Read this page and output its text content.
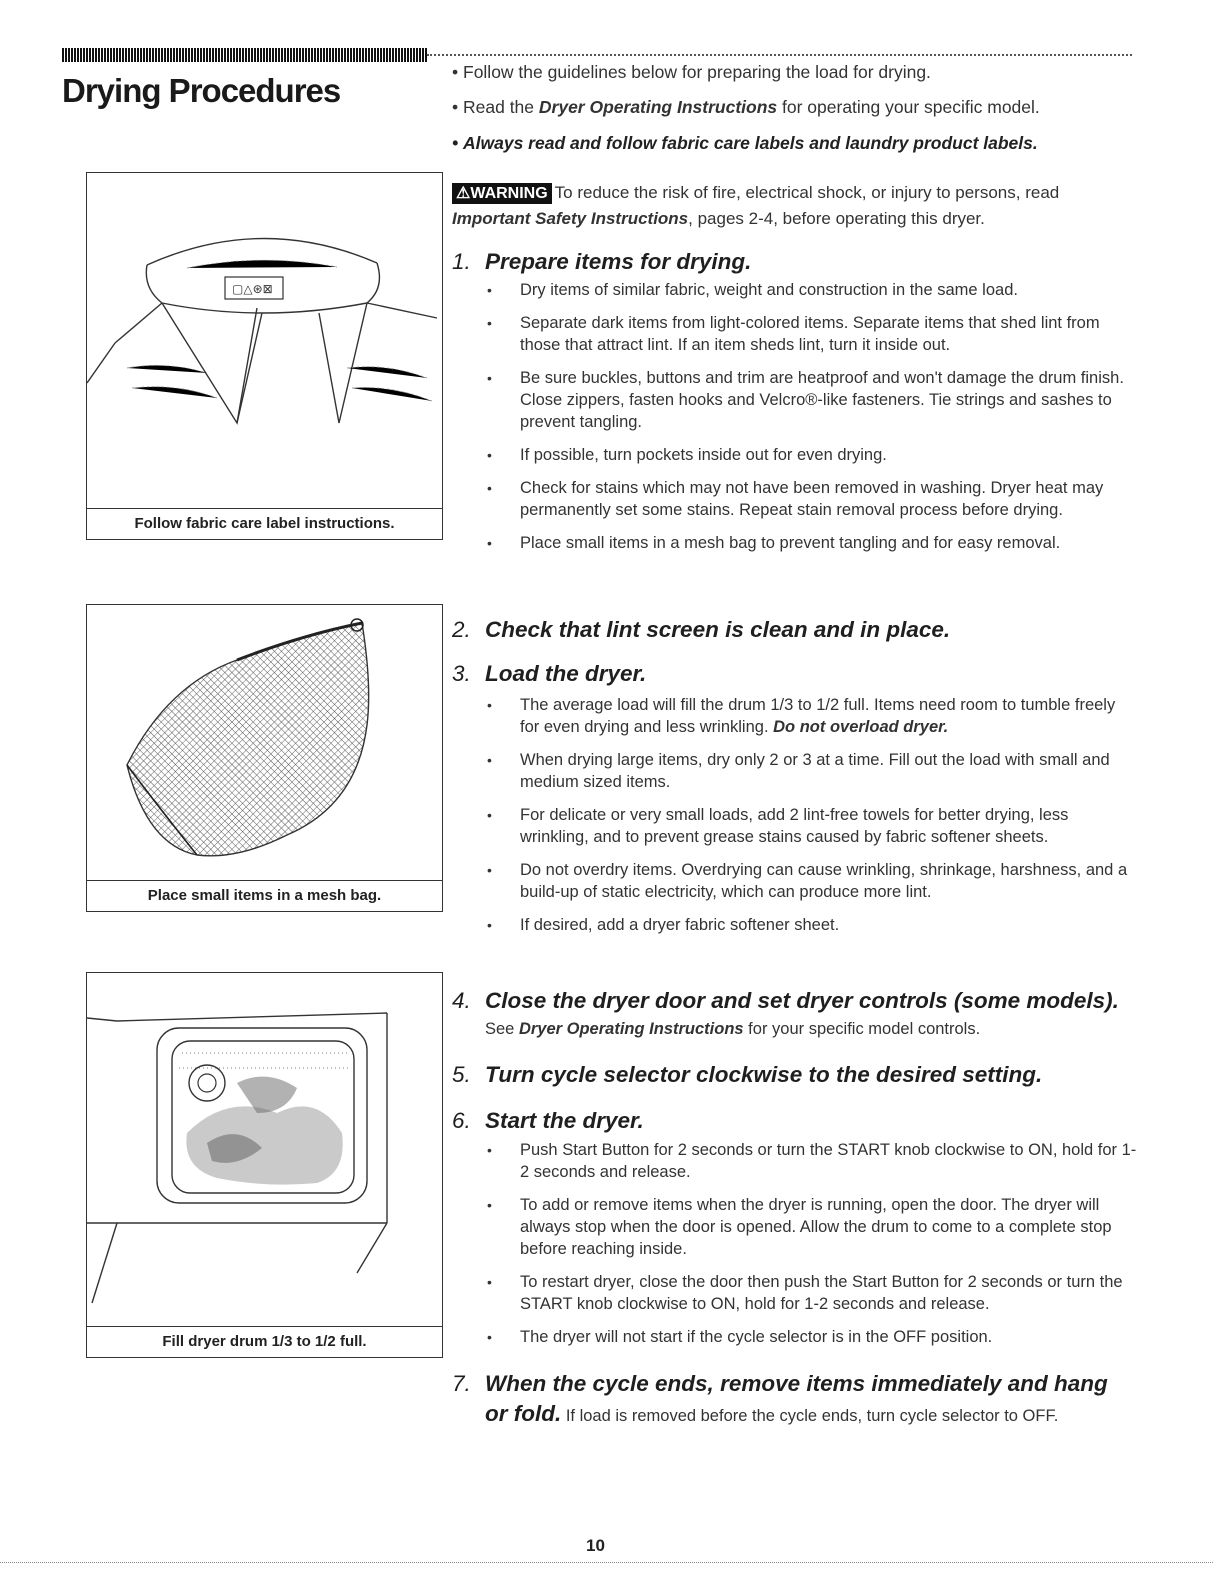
Drying Procedures	• Follow the guidelines below for preparing the load for drying.
• Read the Dryer Operating Instructions for operating your specific model.
• Always read and follow fabric care labels and laundry product labels.
▢△⊛⊠
Follow fabric care label instructions.
Place small items in a mesh bag.
Fill dryer drum 1/3 to 1/2 full.
⚠WARNING To reduce the risk of fire, electrical shock, or injury to persons, read Important Safety Instructions, pages 2-4, before operating this dryer.
1. Prepare items for drying.
• Dry items of similar fabric, weight and construction in the same load.
• Separate dark items from light-colored items. Separate items that shed lint from those that attract lint. If an item sheds lint, turn it inside out.
• Be sure buckles, buttons and trim are heatproof and won't damage the drum finish. Close zippers, fasten hooks and Velcro®-like fasteners. Tie strings and sashes to prevent tangling.
• If possible, turn pockets inside out for even drying.
• Check for stains which may not have been removed in washing. Dryer heat may permanently set some stains. Repeat stain removal process before drying.
• Place small items in a mesh bag to prevent tangling and for easy removal.
2. Check that lint screen is clean and in place.
3. Load the dryer.
• The average load will fill the drum 1/3 to 1/2 full. Items need room to tumble freely for even drying and less wrinkling. Do not overload dryer.
• When drying large items, dry only 2 or 3 at a time. Fill out the load with small and medium sized items.
• For delicate or very small loads, add 2 lint-free towels for better drying, less wrinkling, and to prevent grease stains caused by fabric softener sheets.
• Do not overdry items. Overdrying can cause wrinkling, shrinkage, harshness, and a build-up of static electricity, which can produce more lint.
• If desired, add a dryer fabric softener sheet.
4. Close the dryer door and set dryer controls (some models).
See Dryer Operating Instructions for your specific model controls.
5. Turn cycle selector clockwise to the desired setting.
6. Start the dryer.
• Push Start Button for 2 seconds or turn the START knob clockwise to ON, hold for 1-2 seconds and release.
• To add or remove items when the dryer is running, open the door. The dryer will always stop when the door is opened. Allow the drum to come to a complete stop before reaching inside.
• To restart dryer, close the door then push the Start Button for 2 seconds or turn the START knob clockwise to ON, hold for 1-2 seconds and release.
• The dryer will not start if the cycle selector is in the OFF position.
7. When the cycle ends, remove items immediately and hang
or fold. If load is removed before the cycle ends, turn cycle selector to OFF.
10
